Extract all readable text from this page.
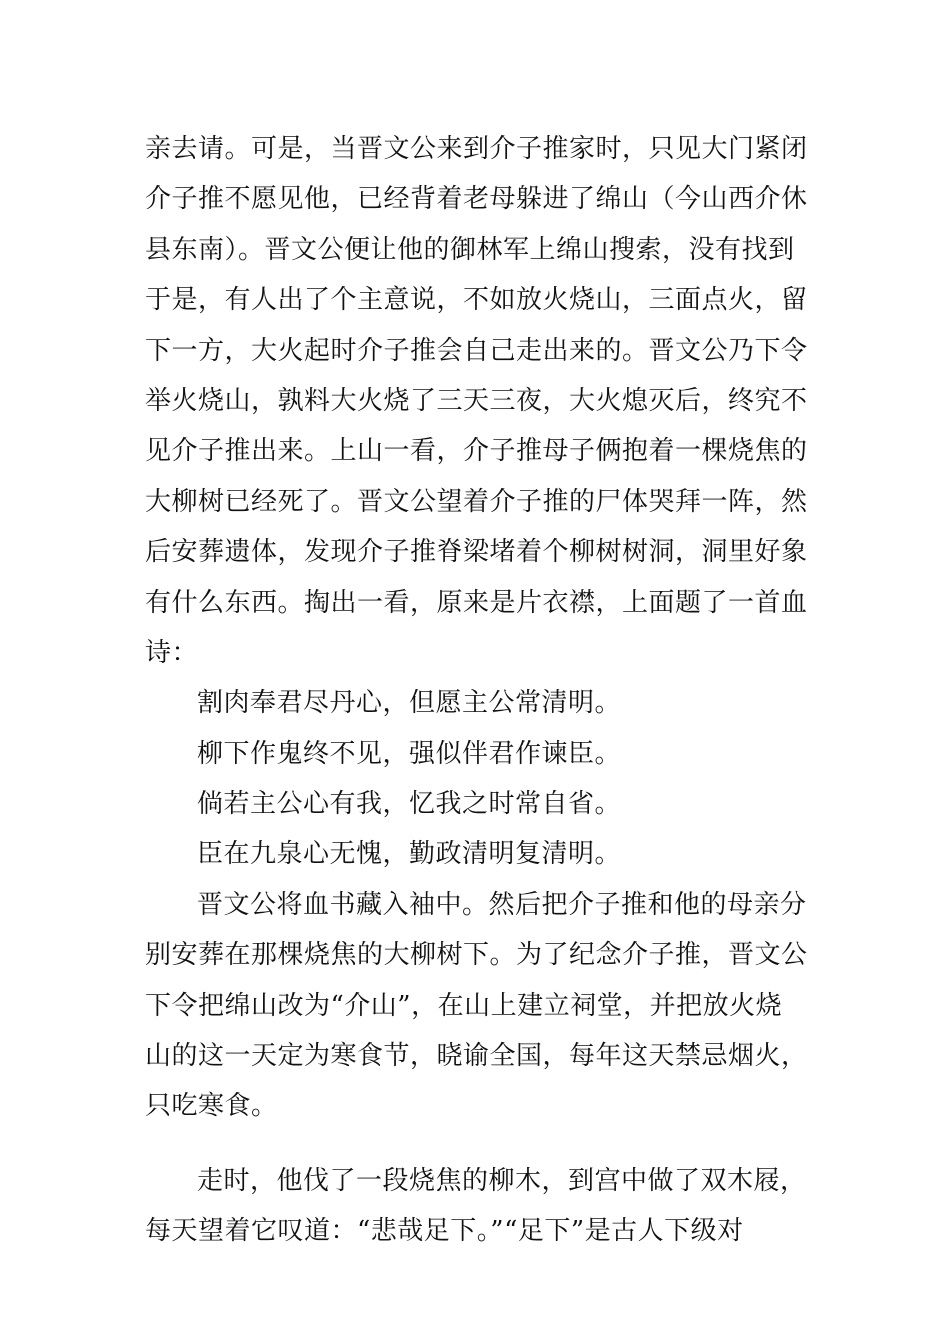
亲去请。可是，当晋文公来到介子推家时，只见大门紧闭
介子推不愿见他，已经背着老母躲进了绵山（今山西介休
县东南）。晋文公便让他的御林军上绵山搜索，没有找到
于是，有人出了个主意说，不如放火烧山，三面点火，留
下一方，大火起时介子推会自己走出来的。晋文公乃下令
举火烧山，孰料大火烧了三天三夜，大火熄灭后，终究不
见介子推出来。上山一看，介子推母子俩抱着一棵烧焦的
大柳树已经死了。晋文公望着介子推的尸体哭拜一阵，然
后安葬遗体，发现介子推脊梁堵着个柳树树洞，洞里好象
有什么东西。掏出一看，原来是片衣襟，上面题了一首血
诗：
割肉奉君尽丹心，但愿主公常清明。
柳下作鬼终不见，强似伴君作谏臣。
倘若主公心有我，忆我之时常自省。
臣在九泉心无愧，勤政清明复清明。
晋文公将血书藏入袖中。然后把介子推和他的母亲分
别安葬在那棵烧焦的大柳树下。为了纪念介子推，晋文公
下令把绵山改为“介山”，在山上建立祠堂，并把放火烧
山的这一天定为寒食节，晓谕全国，每年这天禁忌烟火，
只吃寒食。
走时，他伐了一段烧焦的柳木，到宫中做了双木屐，
每天望着它叹道：“悲哉足下。”“足下”是古人下级对
